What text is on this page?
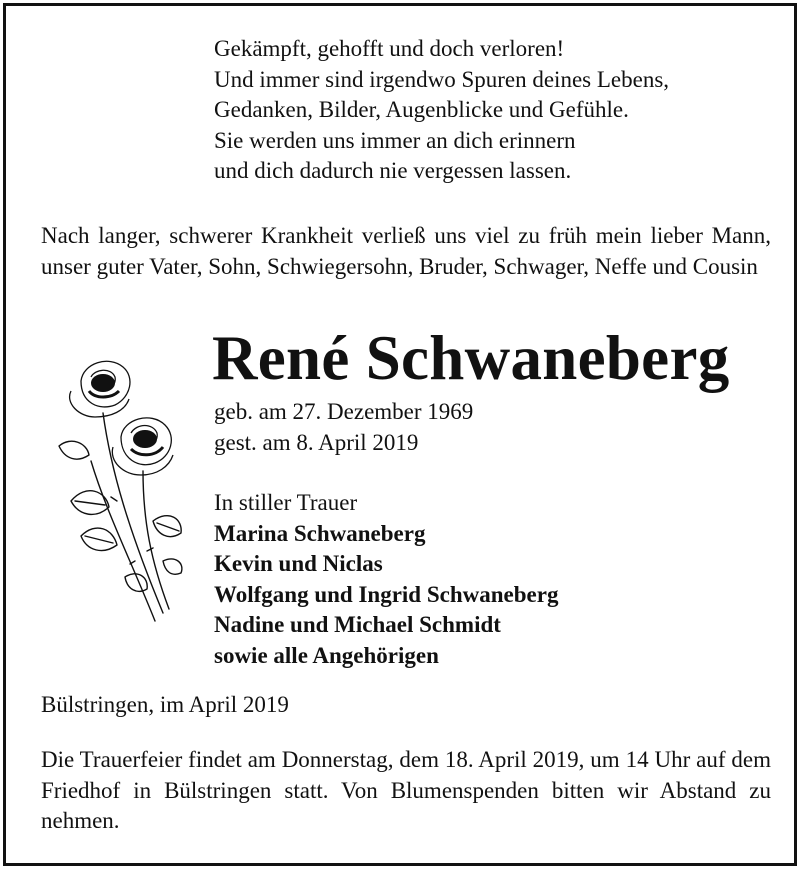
Gekämpft, gehofft und doch verloren!
Und immer sind irgendwo Spuren deines Lebens,
Gedanken, Bilder, Augenblicke und Gefühle.
Sie werden uns immer an dich erinnern
und dich dadurch nie vergessen lassen.
Nach langer, schwerer Krankheit verließ uns viel zu früh mein lieber Mann, unser guter Vater, Sohn, Schwiegersohn, Bruder, Schwager, Neffe und Cousin
René Schwaneberg
geb. am 27. Dezember 1969
gest. am 8. April 2019
In stiller Trauer
Marina Schwaneberg
Kevin und Niclas
Wolfgang und Ingrid Schwaneberg
Nadine und Michael Schmidt
sowie alle Angehörigen
Bülstringen, im April 2019
Die Trauerfeier findet am Donnerstag, dem 18. April 2019, um 14 Uhr auf dem Friedhof in Bülstringen statt. Von Blumenspenden bitten wir Abstand zu nehmen.
